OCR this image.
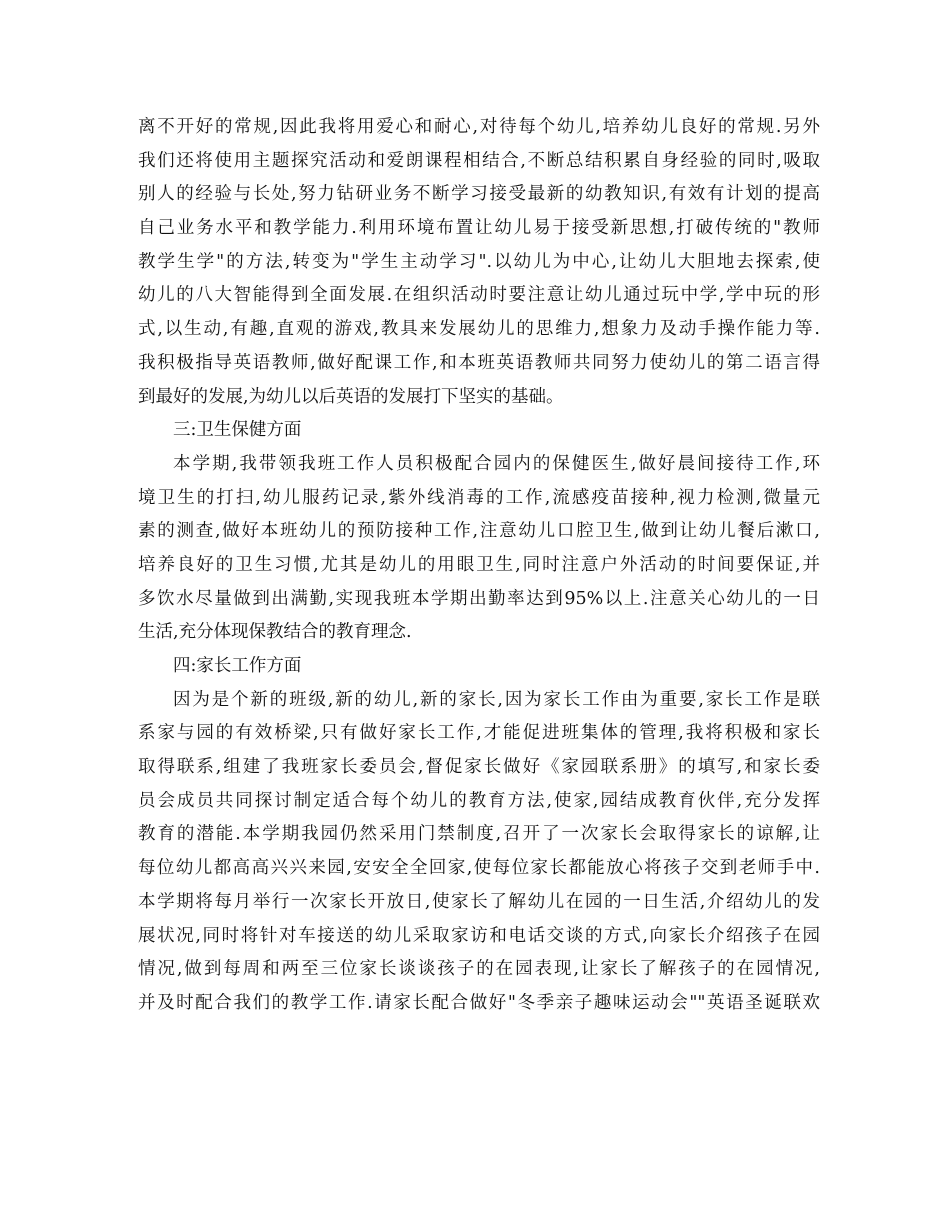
离不开好的常规,因此我将用爱心和耐心,对待每个幼儿,培养幼儿良好的常规.另外
我们还将使用主题探究活动和爱朗课程相结合,不断总结积累自身经验的同时,吸取
别人的经验与长处,努力钻研业务不断学习接受最新的幼教知识,有效有计划的提高
自己业务水平和教学能力.利用环境布置让幼儿易于接受新思想,打破传统的"教师
教学生学"的方法,转变为"学生主动学习".以幼儿为中心,让幼儿大胆地去探索,使
幼儿的八大智能得到全面发展.在组织活动时要注意让幼儿通过玩中学,学中玩的形
式,以生动,有趣,直观的游戏,教具来发展幼儿的思维力,想象力及动手操作能力等.
我积极指导英语教师,做好配课工作,和本班英语教师共同努力使幼儿的第二语言得
到最好的发展,为幼儿以后英语的发展打下坚实的基础。
三:卫生保健方面
本学期,我带领我班工作人员积极配合园内的保健医生,做好晨间接待工作,环
境卫生的打扫,幼儿服药记录,紫外线消毒的工作,流感疫苗接种,视力检测,微量元
素的测查,做好本班幼儿的预防接种工作,注意幼儿口腔卫生,做到让幼儿餐后漱口,
培养良好的卫生习惯,尤其是幼儿的用眼卫生,同时注意户外活动的时间要保证,并
多饮水尽量做到出满勤,实现我班本学期出勤率达到95%以上.注意关心幼儿的一日
生活,充分体现保教结合的教育理念.
四:家长工作方面
因为是个新的班级,新的幼儿,新的家长,因为家长工作由为重要,家长工作是联
系家与园的有效桥梁,只有做好家长工作,才能促进班集体的管理,我将积极和家长
取得联系,组建了我班家长委员会,督促家长做好《家园联系册》的填写,和家长委
员会成员共同探讨制定适合每个幼儿的教育方法,使家,园结成教育伙伴,充分发挥
教育的潜能.本学期我园仍然采用门禁制度,召开了一次家长会取得家长的谅解,让
每位幼儿都高高兴兴来园,安安全全回家,使每位家长都能放心将孩子交到老师手中.
本学期将每月举行一次家长开放日,使家长了解幼儿在园的一日生活,介绍幼儿的发
展状况,同时将针对车接送的幼儿采取家访和电话交谈的方式,向家长介绍孩子在园
情况,做到每周和两至三位家长谈谈孩子的在园表现,让家长了解孩子的在园情况,
并及时配合我们的教学工作.请家长配合做好"冬季亲子趣味运动会""英语圣诞联欢
